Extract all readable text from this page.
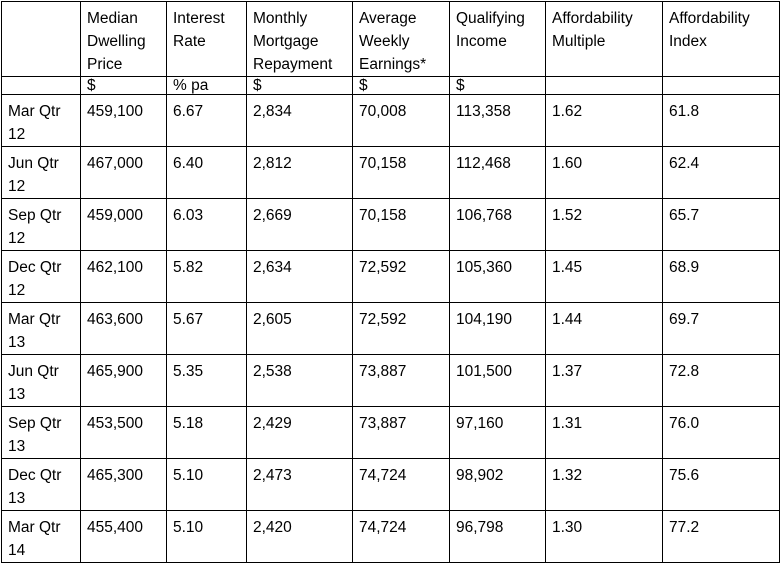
	Median Dwelling Price	Interest Rate	Monthly Mortgage Repayment	Average Weekly Earnings*	Qualifying Income	Affordability Multiple	Affordability Index
	$	% pa	$	$	$		
Mar Qtr 12	459,100	6.67	2,834	70,008	113,358	1.62	61.8
Jun Qtr 12	467,000	6.40	2,812	70,158	112,468	1.60	62.4
Sep Qtr 12	459,000	6.03	2,669	70,158	106,768	1.52	65.7
Dec Qtr 12	462,100	5.82	2,634	72,592	105,360	1.45	68.9
Mar Qtr 13	463,600	5.67	2,605	72,592	104,190	1.44	69.7
Jun Qtr 13	465,900	5.35	2,538	73,887	101,500	1.37	72.8
Sep Qtr 13	453,500	5.18	2,429	73,887	97,160	1.31	76.0
Dec Qtr 13	465,300	5.10	2,473	74,724	98,902	1.32	75.6
Mar Qtr 14	455,400	5.10	2,420	74,724	96,798	1.30	77.2
